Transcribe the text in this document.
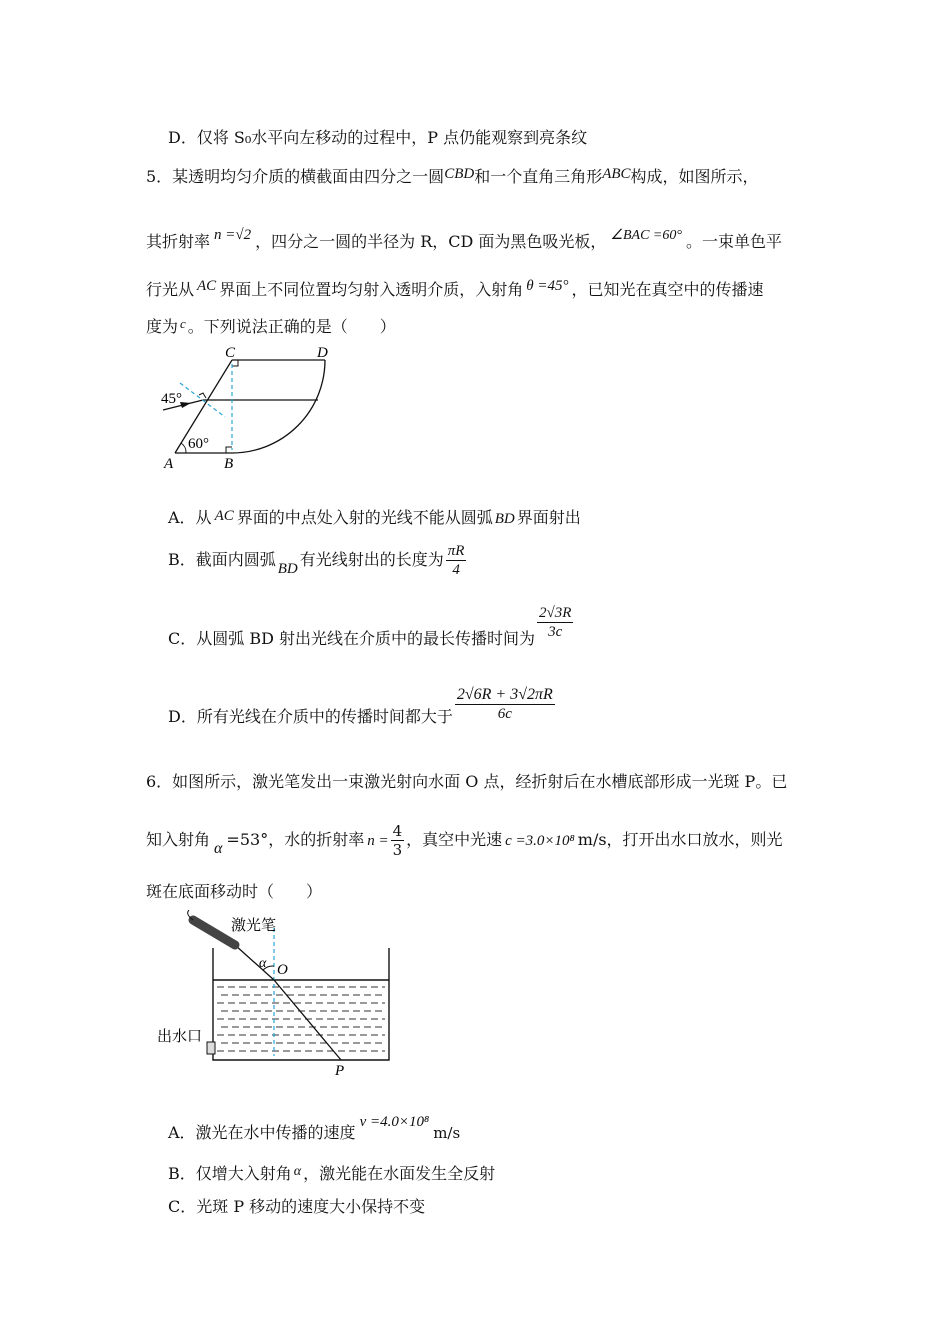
D．仅将 S₀水平向左移动的过程中，P 点仍能观察到亮条纹
5．某透明均匀介质的横截面由四分之一圆CBD和一个直角三角形ABC构成，如图所示，
其折射率 n =√2 ，四分之一圆的半径为 R，CD 面为黑色吸光板， ∠BAC =60° 。一束单色平
行光从 AC 界面上不同位置均匀射入透明介质，入射角 θ =45° ，已知光在真空中的传播速
度为 $^c$ 。下列说法正确的是（　　）
C	D
A	B
45°
60°
A．从 AC 界面的中点处入射的光线不能从圆弧 BD 界面射出
B．截面内圆弧 BD 有光线射出的长度为 $\frac{\pi R}{4}$
C．从圆弧 BD 射出光线在介质中的最长传播时间为 $\frac{2√3R}{3c}$
D．所有光线在介质中的传播时间都大于 $\frac{2√6R + 3√2\pi R}{6c}$
6．如图所示，激光笔发出一束激光射向水面 O 点，经折射后在水槽底部形成一光斑 P。已
知入射角 α =53°，水的折射率 $n = \frac{4}{3}$ ，真空中光速 c =3.0×10⁸ m/s，打开出水口放水，则光
斑在底面移动时（　　）
激光笔
α O
出水口
P
A．激光在水中传播的速度v =4.0×10⁸m/s
B．仅增大入射角 α ，激光能在水面发生全反射
C．光斑 P 移动的速度大小保持不变
